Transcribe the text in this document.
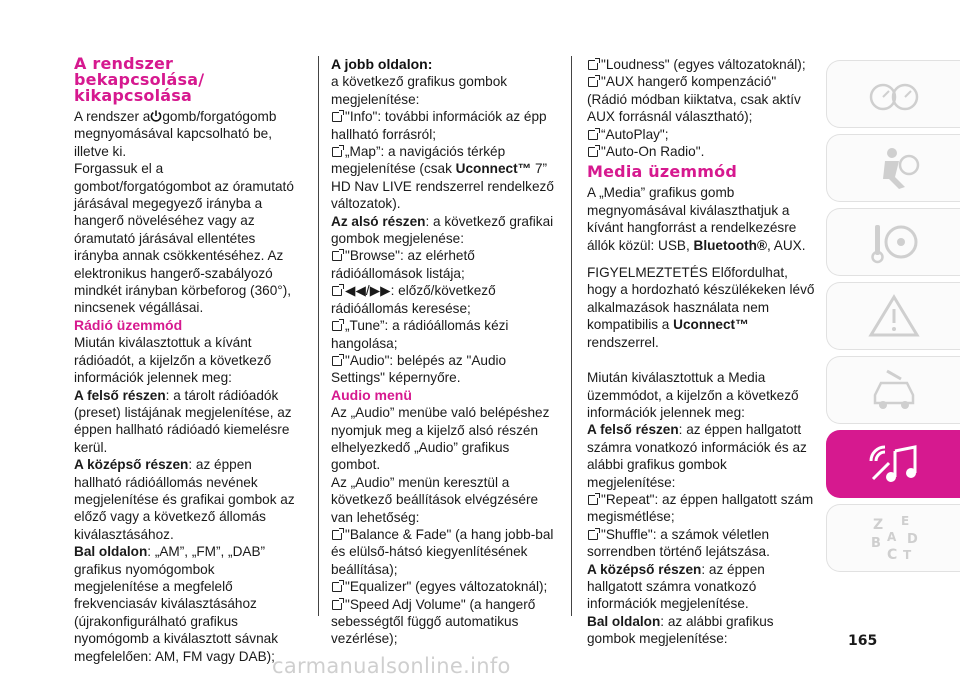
A rendszer bekapcsolása/ kikapcsolása

A rendszer a gomb/forgatógomb megnyomásával kapcsolható be, illetve ki.

Forgassuk el a gombot/forgatógombot az óramutató járásával megegyező irányba a hangerő növeléséhez vagy az óramutató járásával ellentétes irányba annak csökkentéséhez. Az elektronikus hangerő-szabályozó mindkét irányban körbeforog (360°), nincsenek végállásai.

Rádió üzemmód

Miután kiválasztottuk a kívánt rádióadót, a kijelzőn a következő információk jelennek meg:

A felső részen: a tárolt rádióadók (preset) listájának megjelenítése, az éppen hallható rádióadó kiemelésre kerül.

A középső részen: az éppen hallható rádióállomás nevének megjelenítése és grafikai gombok az előző vagy a következő állomás kiválasztásához.

Bal oldalon: „AM”, „FM”, „DAB” grafikus nyomógombok megjelenítése a megfelelő frekvenciasáv kiválasztásához (újrakonfigurálható grafikus nyomógomb a kiválasztott sávnak megfelelően: AM, FM vagy DAB);

A jobb oldalon:

a következő grafikus gombok megjelenítése:

"Info": további információk az épp hallható forrásról;

„Map”: a navigációs térkép megjelenítése (csak Uconnect™ 7” HD Nav LIVE rendszerrel rendelkező változatok).

Az alsó részen: a következő grafikai gombok megjelenése:

"Browse": az elérhető rádióállomások listája;

◀◀/▶▶: előző/következő rádióállomás keresése;

„Tune”: a rádióállomás kézi hangolása;

"Audio": belépés az "Audio Settings" képernyőre.

Audio menü

Az „Audio” menübe való belépéshez nyomjuk meg a kijelző alsó részén elhelyezkedő „Audio” grafikus gombot.

Az „Audio” menün keresztül a következő beállítások elvégzésére van lehetőség:

"Balance & Fade" (a hang jobb-bal és elülső-hátsó kiegyenlítésének beállítása);

"Equalizer" (egyes változatoknál);

"Speed Adj Volume" (a hangerő sebességtől függő automatikus vezérlése);

"Loudness" (egyes változatoknál);

"AUX hangerő kompenzáció" (Rádió módban kiiktatva, csak aktív AUX forrásnál választható);

“AutoPlay";

"Auto-On Radio".

Media üzemmód

A „Media” grafikus gomb megnyomásával kiválaszthatjuk a kívánt hangforrást a rendelkezésre állók közül: USB, Bluetooth®, AUX.

FIGYELMEZTETÉS Előfordulhat, hogy a hordozható készülékeken lévő alkalmazások használata nem kompatibilis a Uconnect™ rendszerrel.

Miután kiválasztottuk a Media üzemmódot, a kijelzőn a következő információk jelennek meg:

A felső részen: az éppen hallgatott számra vonatkozó információk és az alábbi grafikus gombok megjelenítése:

"Repeat": az éppen hallgatott szám megismétlése;

"Shuffle": a számok véletlen sorrendben történő lejátszása.

A középső részen: az éppen hallgatott számra vonatkozó információk megjelenítése.

Bal oldalon: az alábbi grafikus gombok megjelenítése:

Z E
B D
C T
A
165
carmanualsonline.info
